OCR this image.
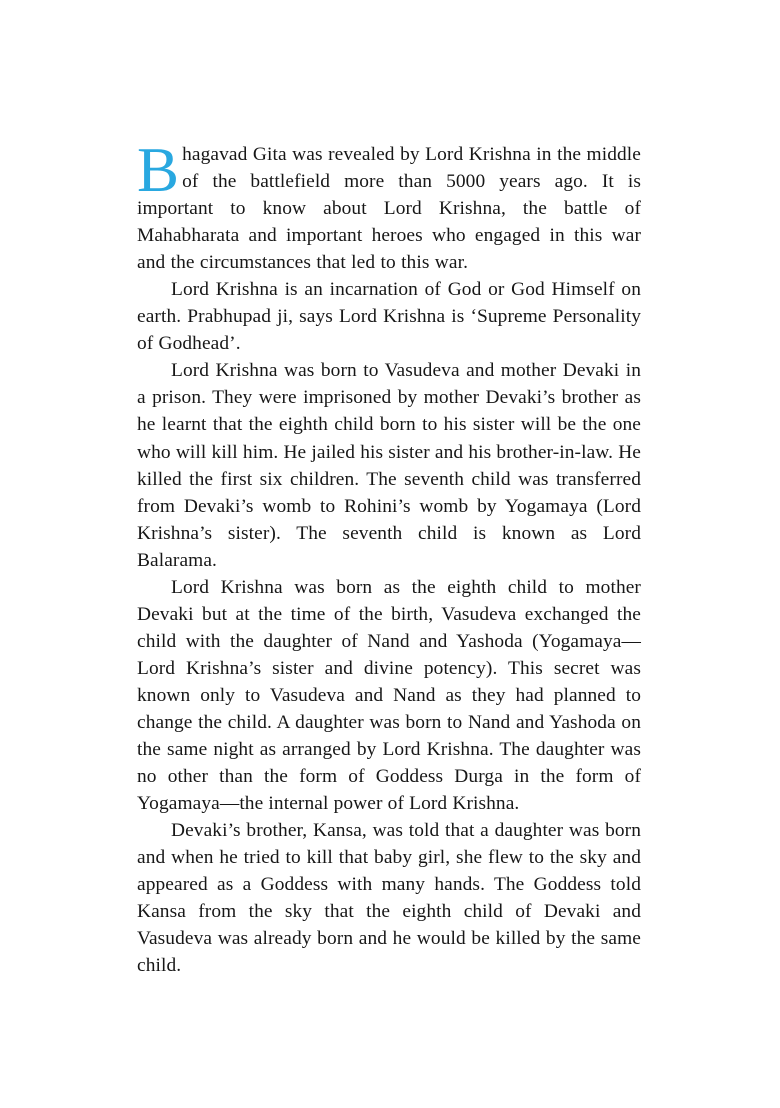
Bhagavad Gita was revealed by Lord Krishna in the middle of the battlefield more than 5000 years ago. It is important to know about Lord Krishna, the battle of Mahabharata and important heroes who engaged in this war and the circumstances that led to this war.

Lord Krishna is an incarnation of God or God Himself on earth. Prabhupad ji, says Lord Krishna is ‘Supreme Personality of Godhead’.

Lord Krishna was born to Vasudeva and mother Devaki in a prison. They were imprisoned by mother Devaki’s brother as he learnt that the eighth child born to his sister will be the one who will kill him. He jailed his sister and his brother-in-law. He killed the first six children. The seventh child was transferred from Devaki’s womb to Rohini’s womb by Yogamaya (Lord Krishna’s sister). The seventh child is known as Lord Balarama.

Lord Krishna was born as the eighth child to mother Devaki but at the time of the birth, Vasudeva exchanged the child with the daughter of Nand and Yashoda (Yogamaya—Lord Krishna’s sister and divine potency). This secret was known only to Vasudeva and Nand as they had planned to change the child. A daughter was born to Nand and Yashoda on the same night as arranged by Lord Krishna. The daughter was no other than the form of Goddess Durga in the form of Yogamaya—the internal power of Lord Krishna.

Devaki’s brother, Kansa, was told that a daughter was born and when he tried to kill that baby girl, she flew to the sky and appeared as a Goddess with many hands. The Goddess told Kansa from the sky that the eighth child of Devaki and Vasudeva was already born and he would be killed by the same child.
